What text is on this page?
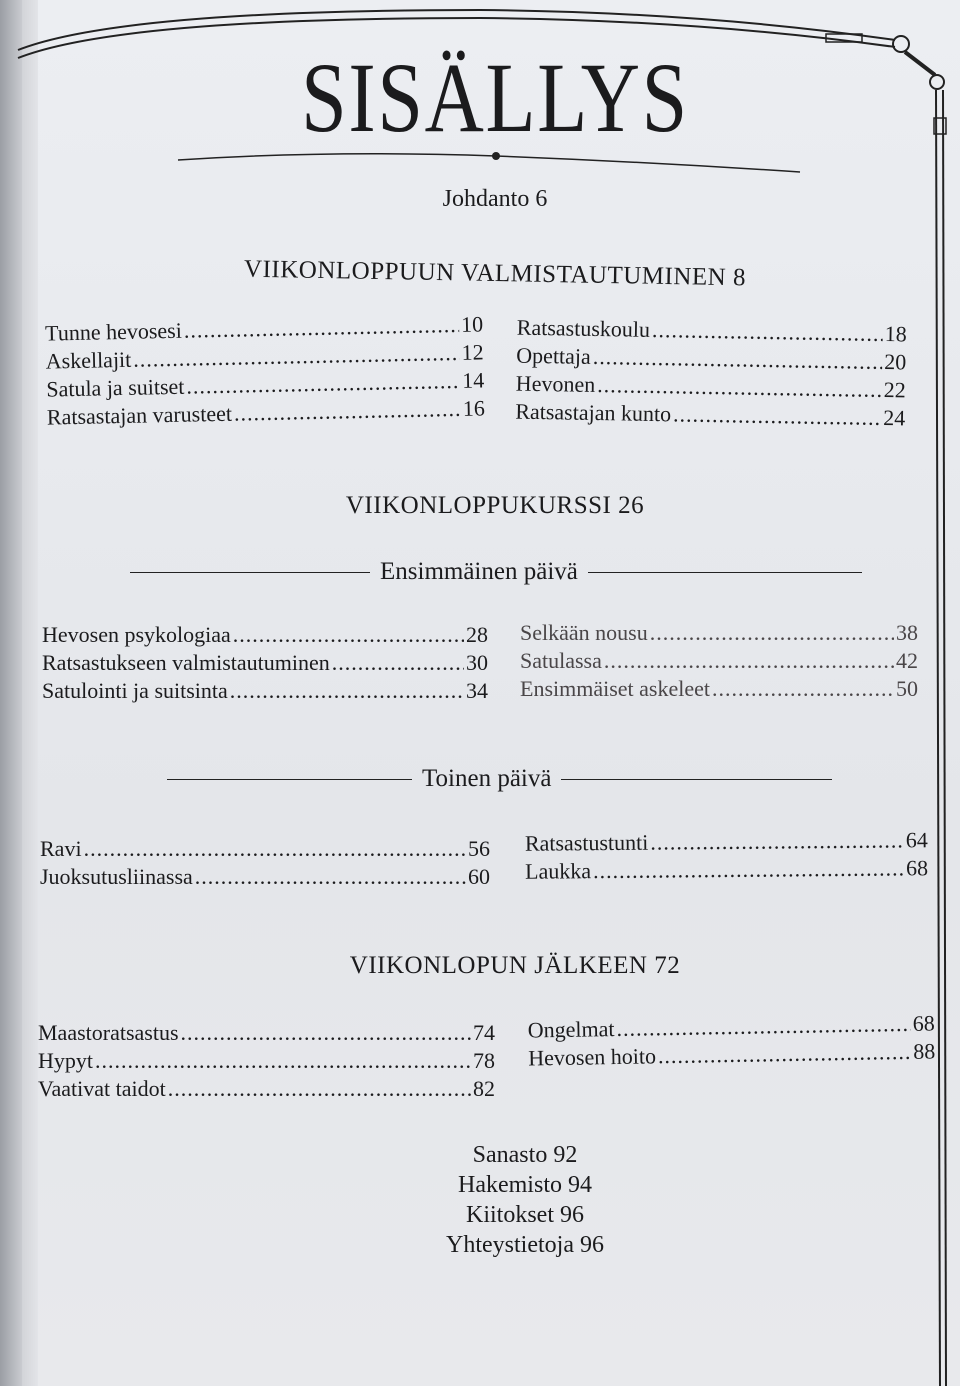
SISÄLLYS
Johdanto 6
VIIKONLOPPUUN VALMISTAUTUMINEN 8
Tunne hevosesi .....	10
Askellajit .....	12
Satula ja suitset .....	14
Ratsastajan varusteet .....	16
Ratsastuskoulu .....	18
Opettaja .....	20
Hevonen .....	22
Ratsastajan kunto .....	24
VIIKONLOPPUKURSSI 26
Ensimmäinen päivä
Hevosen psykologiaa .....	28
Ratsastukseen valmistautuminen .....	30
Satulointi ja suitsinta .....	34
Selkään nousu .....	38
Satulassa .....	42
Ensimmäiset askeleet .....	50
Toinen päivä
Ravi .....	56
Juoksutusliinassa .....	60
Ratsastustunti .....	64
Laukka .....	68
VIIKONLOPUN JÄLKEEN 72
Maastoratsastus .....	74
Hypyt .....	78
Vaativat taidot .....	82
Ongelmat .....	68
Hevosen hoito .....	88
Sanasto 92
Hakemisto 94
Kiitokset 96
Yhteystietoja 96
